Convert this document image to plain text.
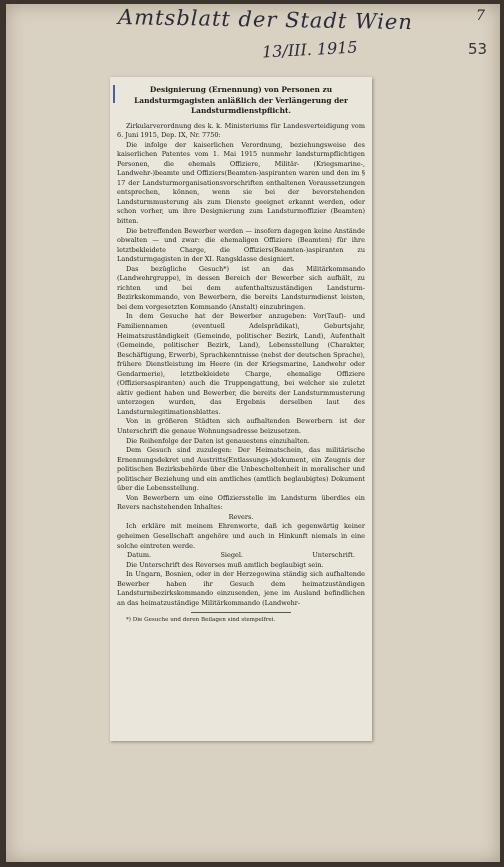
Amtsblatt der Stadt Wien	7
13/III. 1915	53
Designierung (Ernennung) von Personen zu Landsturmgagisten anläßlich der Verlängerung der Landsturmdienstpflicht.

Zirkularverordnung des k. k. Ministeriums für Landesverteidigung vom 6. Juni 1915, Dep. IX, Nr. 7750:

Die infolge der kaiserlichen Verordnung, beziehungsweise des kaiserlichen Patentes vom 1. Mai 1915 nunmehr landsturmpflichtigen Personen, die ehemals Offiziere, Militär- (Kriegsmarine-, Landwehr-)beamte und Offiziers(Beamten-)aspiranten waren und den im § 17 der Landsturmorganisationsvorschriften enthaltenen Voraussetzungen entsprechen, können, wenn sie bei der bevorstehenden Landsturmmusterung als zum Dienste geeignet erkannt werden, oder schon vorher, um ihre Designierung zum Landsturmoffizier (Beamten) bitten.

Die betreffenden Bewerber werden — insofern dagegen keine Anstände obwalten — und zwar: die ehemaligen Offiziere (Beamten) für ihre letztbekleidete Charge, die Offiziers(Beamten-)aspiranten zu Landsturmgagisten in der XI. Rangsklasse designiert.

Das bezügliche Gesuch*) ist an das Militärkommando (Landwehrgruppe), in dessen Bereich der Bewerber sich aufhält, zu richten und bei dem aufenthaltszuständigen Landsturm-Bezirkskommando, von Bewerbern, die bereits Landsturmdienst leisten, bei dem vorgesetzten Kommando (Anstalt) einzubringen.

In dem Gesuche hat der Bewerber anzugeben: Vor(Tauf)- und Familiennamen (eventuell Adelsprädikat), Geburtsjahr, Heimatszuständigkeit (Gemeinde, politischer Bezirk, Land), Aufenthalt (Gemeinde, politischer Bezirk, Land), Lebensstellung (Charakter, Beschäftigung, Erwerb), Sprachkenntnisse (nebst der deutschen Sprache), frühere Dienstleistung im Heere (in der Kriegsmarine, Landwehr oder Gendarmerie), letztbekleidete Charge, ehemalige Offiziere (Offiziersaspiranten) auch die Truppengattung, bei welcher sie zuletzt aktiv gedient haben und Bewerber, die bereits der Landsturmmusterung unterzogen wurden, das Ergebnis derselben laut des Landsturmlegitimationsblattes.

Von in größeren Städten sich aufhaltenden Bewerbern ist der Unterschrift die genaue Wohnungsadresse beizusetzen.

Die Reihenfolge der Daten ist genauestens einzuhalten.

Dem Gesuch sind zuzulegen: Der Heimatschein, das militärische Ernennungsdekret und Austritts(Entlassungs-)dokument, ein Zeugnis der politischen Bezirksbehörde über die Unbescholtenheit in moralischer und politischer Beziehung und ein amtliches (amtlich beglaubigtes) Dokument über die Lebensstellung.

Von Bewerbern um eine Offiziersstelle im Landsturm überdies ein Revers nachstehenden Inhaltes:

Revers.

Ich erkläre mit meinem Ehrenworte, daß ich gegenwärtig keiner geheimen Gesellschaft angehöre und auch in Hinkunft niemals in eine solche eintreten werde.

Datum.	Siegel.	Unterschrift.

Die Unterschrift des Reverses muß amtlich beglaubigt sein.

In Ungarn, Bosnien, oder in der Herzegowina ständig sich aufhaltende Bewerber haben ihr Gesuch dem heimatzuständigen Landsturmbezirkskommando einzusenden, jene im Ausland befindlichen an das heimatzuständige Militärkommando (Landwehr-

*) Die Gesuche und deren Beilagen sind stempelfrei.
